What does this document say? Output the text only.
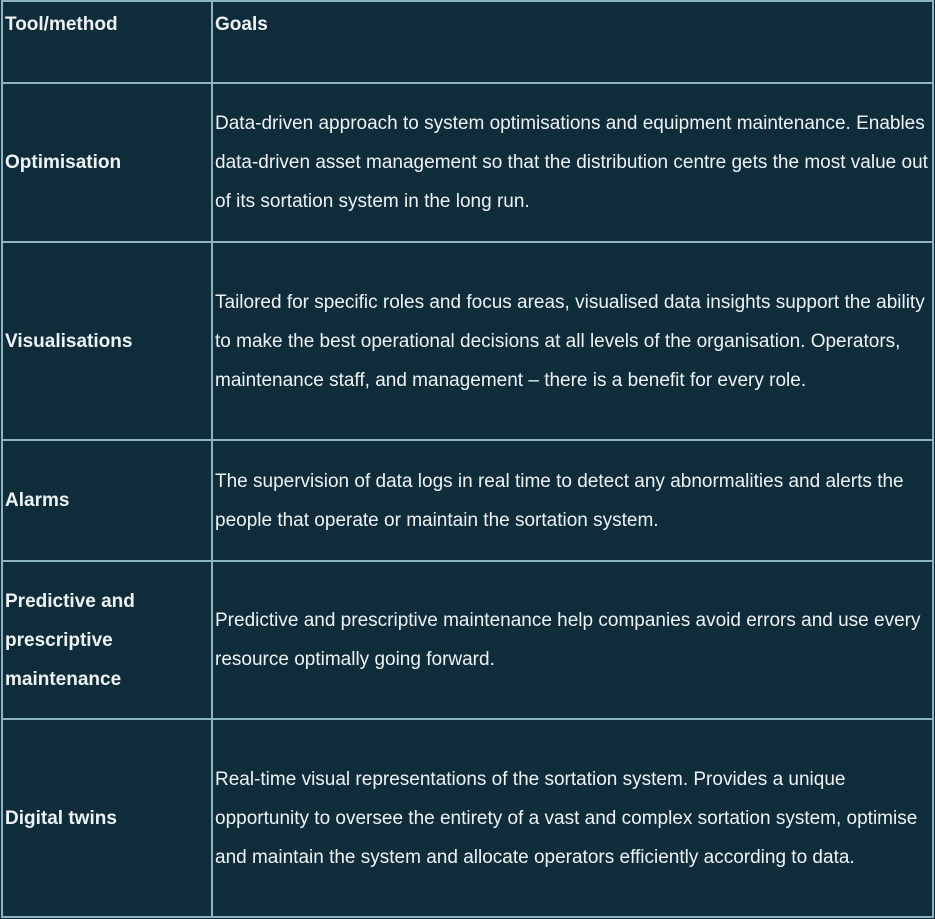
Tool/method	Goals
Optimisation	Data-driven approach to system optimisations and equipment maintenance. Enables data-driven asset management so that the distribution centre gets the most value out of its sortation system in the long run.
Visualisations	Tailored for specific roles and focus areas, visualised data insights support the ability to make the best operational decisions at all levels of the organisation. Operators, maintenance staff, and management – there is a benefit for every role.
Alarms	The supervision of data logs in real time to detect any abnormalities and alerts the people that operate or maintain the sortation system.
Predictive and prescriptive maintenance	Predictive and prescriptive maintenance help companies avoid errors and use every resource optimally going forward.
Digital twins	Real-time visual representations of the sortation system. Provides a unique opportunity to oversee the entirety of a vast and complex sortation system, optimise and maintain the system and allocate operators efficiently according to data.
